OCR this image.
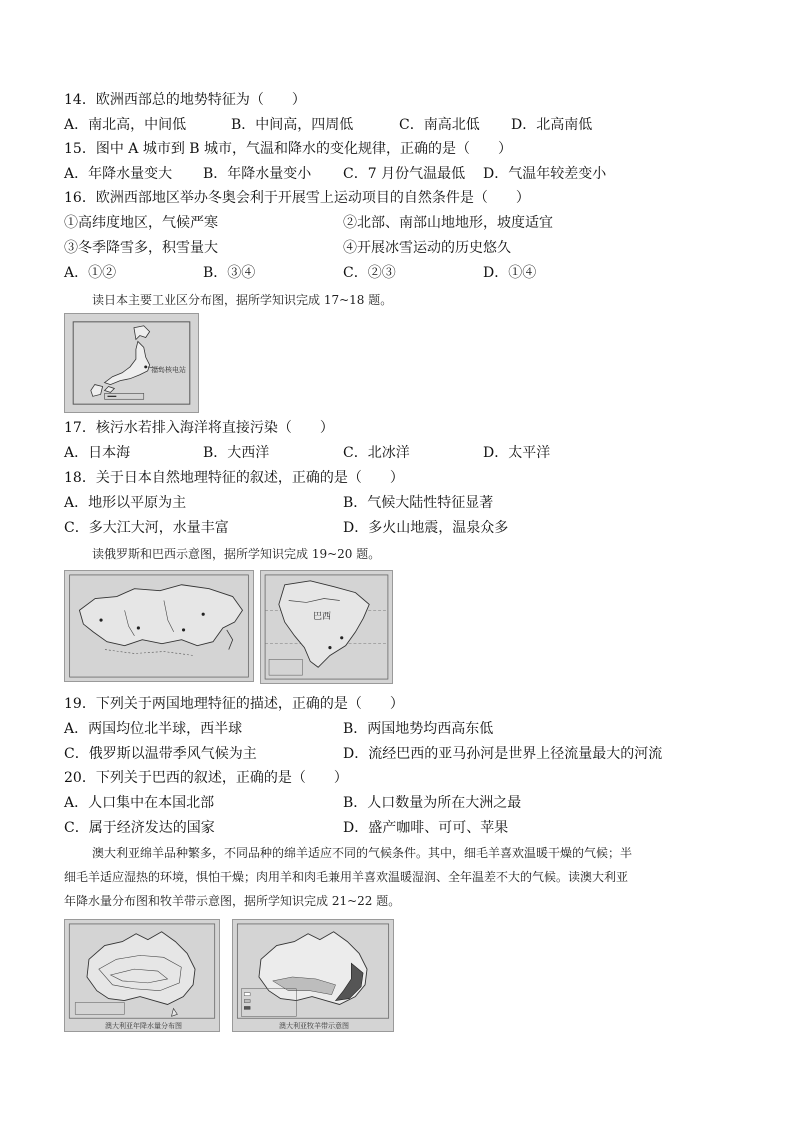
14．欧洲西部总的地势特征为（　　）
A．南北高，中间低	B．中间高，四周低	C．南高北低 D．北高南低
15．图中 A 城市到 B 城市，气温和降水的变化规律，正确的是（　　）
A．年降水量变大 B．年降水量变小 C．7 月份气温最低 D．气温年较差变小
16．欧洲西部地区举办冬奥会利于开展雪上运动项目的自然条件是（　　）
①高纬度地区，气候严寒	②北部、南部山地地形，坡度适宜
③冬季降雪多，积雪量大	④开展冰雪运动的历史悠久
A．①②	B．③④	C．②③	D．①④
读日本主要工业区分布图，据所学知识完成 17~18 题。
福岛核电站
17．核污水若排入海洋将直接污染（　　）
A．日本海	B．大西洋	C．北冰洋	D．太平洋
18．关于日本自然地理特征的叙述，正确的是（　　）
A．地形以平原为主	B．气候大陆性特征显著
C．多大江大河，水量丰富	D．多火山地震，温泉众多
读俄罗斯和巴西示意图，据所学知识完成 19~20 题。
巴西
19．下列关于两国地理特征的描述，正确的是（　　）
A．两国均位北半球，西半球	B．两国地势均西高东低
C．俄罗斯以温带季风气候为主	D．流经巴西的亚马孙河是世界上径流量最大的河流
20．下列关于巴西的叙述，正确的是（　　）
A．人口集中在本国北部	B．人口数量为所在大洲之最
C．属于经济发达的国家	D．盛产咖啡、可可、苹果
澳大利亚绵羊品种繁多，不同品种的绵羊适应不同的气候条件。其中，细毛羊喜欢温暖干燥的气候；半
细毛羊适应湿热的环境，惧怕干燥；肉用羊和肉毛兼用羊喜欢温暖湿润、全年温差不大的气候。读澳大利亚
年降水量分布图和牧羊带示意图，据所学知识完成 21~22 题。
澳大利亚年降水量分布图	澳大利亚牧羊带示意图
